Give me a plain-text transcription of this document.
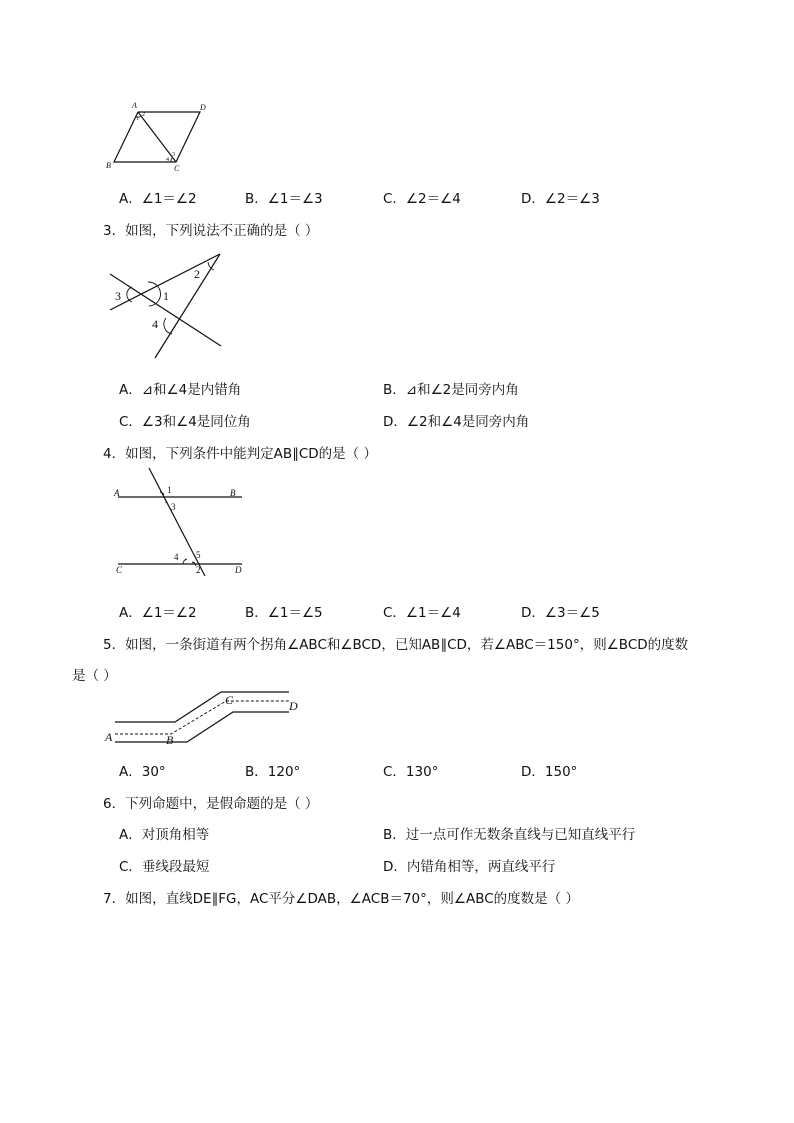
A	D
B	C
1
2
3
4
A．∠1＝∠2	B．∠1＝∠3	C．∠2＝∠4	D．∠2＝∠3
3．如图，下列说法不正确的是（ ）
1
2
3
4
A．⊿和∠4是内错角	B．⊿和∠2是同旁内角
C．∠3和∠4是同位角	D．∠2和∠4是同旁内角
4．如图，下列条件中能判定AB∥CD的是（ ）
A	B
C	D
1
3
4 5
2
A．∠1＝∠2	B．∠1＝∠5	C．∠1＝∠4	D．∠3＝∠5
5．如图，一条街道有两个拐角∠ABC和∠BCD，已知AB∥CD，若∠ABC＝150°，则∠BCD的度数
是（ ）
A	B
C	D
A．30°	B．120°	C．130°	D．150°
6．下列命题中，是假命题的是（ ）
A．对顶角相等	B．过一点可作无数条直线与已知直线平行
C．垂线段最短	D．内错角相等，两直线平行
7．如图，直线DE∥FG，AC平分∠DAB，∠ACB＝70°，则∠ABC的度数是（ ）
